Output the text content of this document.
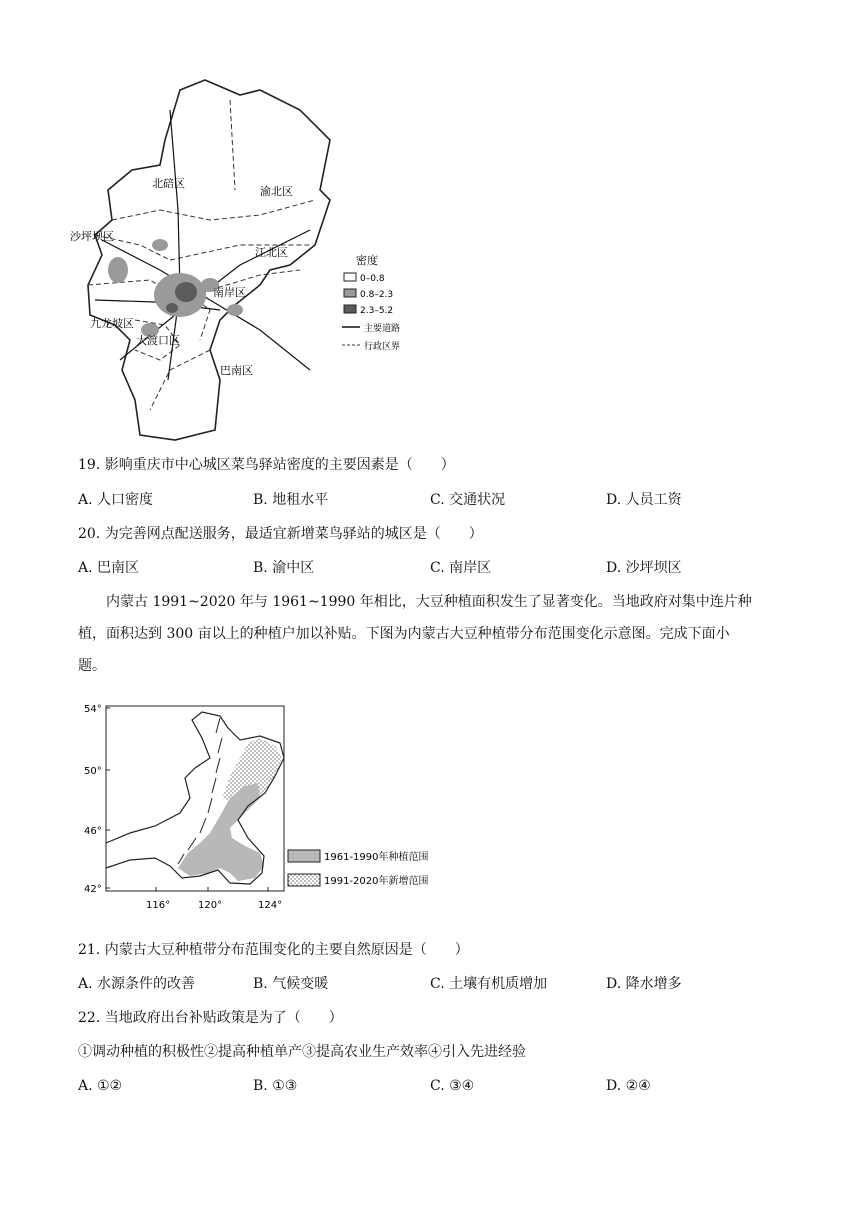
北碚区
渝北区
沙坪坝区
江北区
南岸区
九龙坡区
大渡口区
巴南区
密度
0–0.8
0.8–2.3
2.3–5.2
主要道路
行政区界
19. 影响重庆市中心城区菜鸟驿站密度的主要因素是（　　）
A. 人口密度	B. 地租水平	C. 交通状况	D. 人员工资
20. 为完善网点配送服务，最适宜新增菜鸟驿站的城区是（　　）
A. 巴南区	B. 渝中区	C. 南岸区	D. 沙坪坝区
内蒙古 1991~2020 年与 1961~1990 年相比，大豆种植面积发生了显著变化。当地政府对集中连片种
植，面积达到 300 亩以上的种植户加以补贴。下图为内蒙古大豆种植带分布范围变化示意图。完成下面小
题。
54°
50°
46°
42°
116°	120°	124°
1961-1990年种植范围
1991-2020年新增范围
21. 内蒙古大豆种植带分布范围变化的主要自然原因是（　　）
A. 水源条件的改善	B. 气候变暖	C. 土壤有机质增加	D. 降水增多
22. 当地政府出台补贴政策是为了（　　）
①调动种植的积极性②提高种植单产③提高农业生产效率④引入先进经验
A. ①②	B. ①③	C. ③④	D. ②④
